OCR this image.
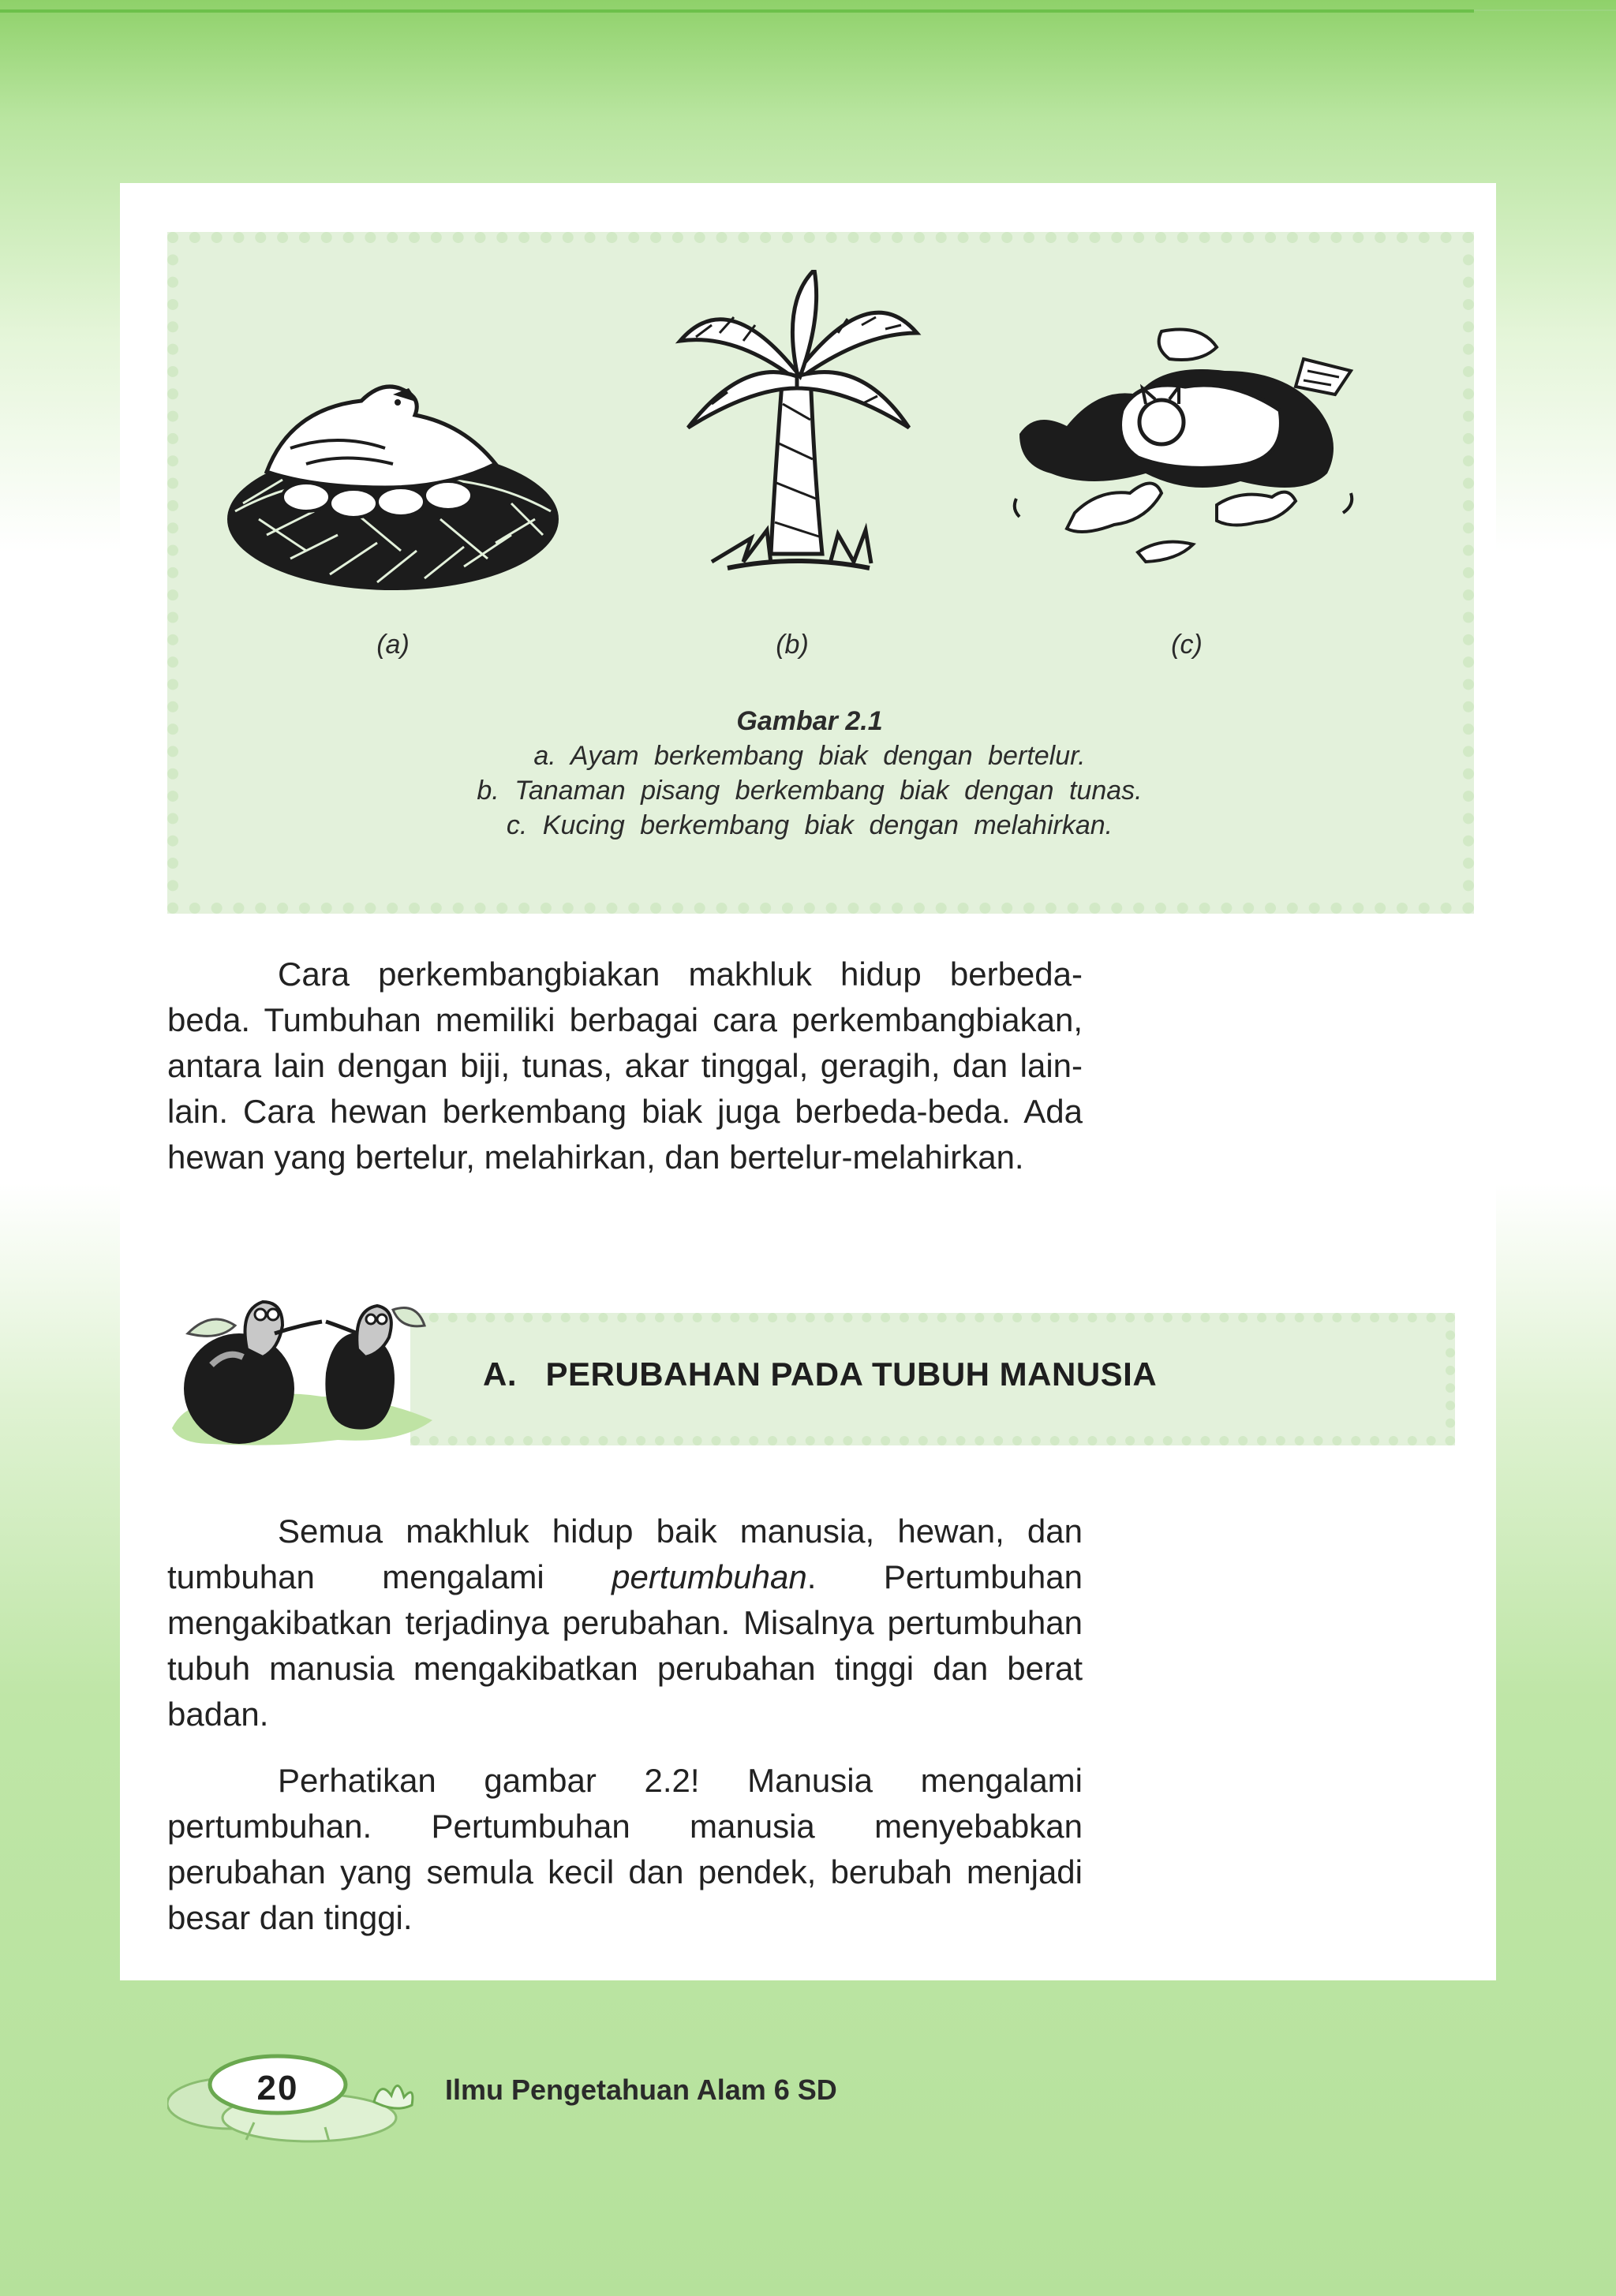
(a)	(b)	(c)
Gambar 2.1
a. Ayam berkembang biak dengan bertelur.
b. Tanaman pisang berkembang biak dengan tunas.
c. Kucing berkembang biak dengan melahirkan.

Cara perkembangbiakan makhluk hidup berbeda-beda. Tumbuhan memiliki berbagai cara perkembangbiakan, antara lain dengan biji, tunas, akar tinggal, geragih, dan lain-lain. Cara hewan berkembang biak juga berbeda-beda. Ada hewan yang bertelur, melahirkan, dan bertelur-melahirkan.

A. PERUBAHAN PADA TUBUH MANUSIA

Semua makhluk hidup baik manusia, hewan, dan tumbuhan mengalami pertumbuhan. Pertumbuhan mengakibatkan terjadinya perubahan. Misalnya pertumbuhan tubuh manusia mengakibatkan perubahan tinggi dan berat badan.

Perhatikan gambar 2.2! Manusia mengalami pertumbuhan. Pertumbuhan manusia menyebabkan perubahan yang semula kecil dan pendek, berubah menjadi besar dan tinggi.

20	Ilmu Pengetahuan Alam 6 SD
